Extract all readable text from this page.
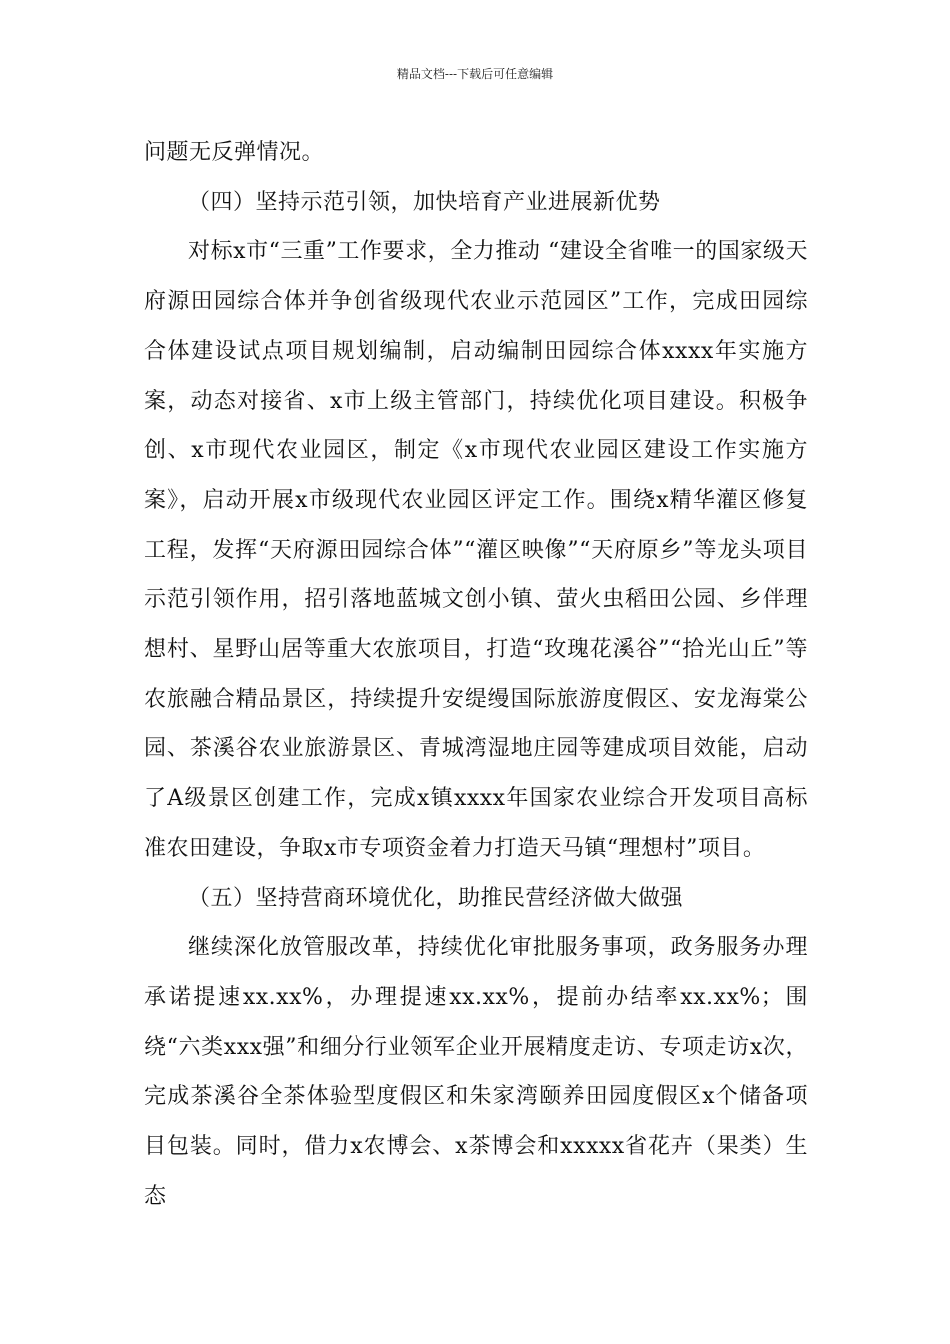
精品文档---下载后可任意编辑

问题无反弹情况。

（四）坚持示范引领，加快培育产业进展新优势

对标x市“三重”工作要求，全力推动 “建设全省唯一的国家级天府源田园综合体并争创省级现代农业示范园区”工作，完成田园综合体建设试点项目规划编制，启动编制田园综合体xxxx年实施方案，动态对接省、x市上级主管部门，持续优化项目建设。积极争创、x市现代农业园区，制定《x市现代农业园区建设工作实施方案》，启动开展x市级现代农业园区评定工作。围绕x精华灌区修复工程，发挥“天府源田园综合体”“灌区映像”“天府原乡”等龙头项目示范引领作用，招引落地蓝城文创小镇、萤火虫稻田公园、乡伴理想村、星野山居等重大农旅项目，打造“玫瑰花溪谷”“拾光山丘”等农旅融合精品景区，持续提升安缇缦国际旅游度假区、安龙海棠公园、茶溪谷农业旅游景区、青城湾湿地庄园等建成项目效能，启动了A级景区创建工作，完成x镇xxxx年国家农业综合开发项目高标准农田建设，争取x市专项资金着力打造天马镇“理想村”项目。

（五）坚持营商环境优化，助推民营经济做大做强

继续深化放管服改革，持续优化审批服务事项，政务服务办理承诺提速xx.xx%，办理提速xx.xx%，提前办结率xx.xx%；围绕“六类xxx强”和细分行业领军企业开展精度走访、专项走访x次，完成茶溪谷全茶体验型度假区和朱家湾颐养田园度假区x个储备项目包装。同时，借力x农博会、x茶博会和xxxxx省花卉（果类）生态
